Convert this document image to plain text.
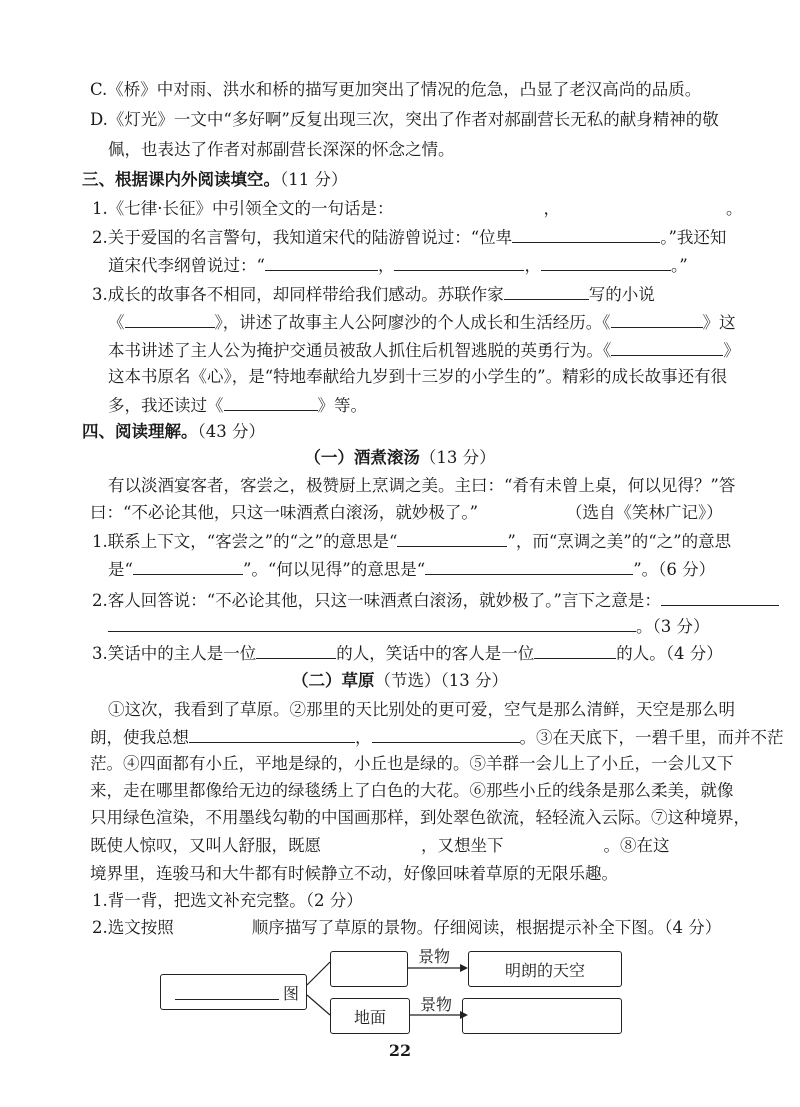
C.《桥》中对雨、洪水和桥的描写更加突出了情况的危急，凸显了老汉高尚的品质。
D.《灯光》一文中“多好啊”反复出现三次，突出了作者对郝副营长无私的献身精神的敬
佩，也表达了作者对郝副营长深深的怀念之情。
三、根据课内外阅读填空。（11 分）
1.《七律·长征》中引领全文的一句话是：	，	。
2.关于爱国的名言警句，我知道宋代的陆游曾说过：“位卑	。”我还知
道宋代李纲曾说过：“	，	，	。”
3.成长的故事各不相同，却同样带给我们感动。苏联作家	写的小说
《	》，讲述了故事主人公阿廖沙的个人成长和生活经历。《	》这
本书讲述了主人公为掩护交通员被敌人抓住后机智逃脱的英勇行为。《	》
这本书原名《心》，是“特地奉献给九岁到十三岁的小学生的”。精彩的成长故事还有很
多，我还读过《	》等。
四、阅读理解。（43 分）
（一）酒煮滚汤（13 分）
有以淡酒宴客者，客尝之，极赞厨上烹调之美。主曰：“肴有未曾上桌，何以见得？”答
曰：“不必论其他，只这一味酒煮白滚汤，就妙极了。”	（选自《笑林广记》）
1.联系上下文，“客尝之”的“之”的意思是“	”，而“烹调之美”的“之”的意思
是“	”。“何以见得”的意思是“	”。（6 分）
2.客人回答说：“不必论其他，只这一味酒煮白滚汤，就妙极了。”言下之意是：
。（3 分）
3.笑话中的主人是一位	的人，笑话中的客人是一位	的人。（4 分）
（二）草原（节选）（13 分）
①这次，我看到了草原。②那里的天比别处的更可爱，空气是那么清鲜，天空是那么明
朗，使我总想	，	。③在天底下，一碧千里，而并不茫
茫。④四面都有小丘，平地是绿的，小丘也是绿的。⑤羊群一会儿上了小丘，一会儿又下
来，走在哪里都像给无边的绿毯绣上了白色的大花。⑥那些小丘的线条是那么柔美，就像
只用绿色渲染，不用墨线勾勒的中国画那样，到处翠色欲流，轻轻流入云际。⑦这种境界，
既使人惊叹，又叫人舒服，既愿	，又想坐下	。⑧在这
境界里，连骏马和大牛都有时候静立不动，好像回味着草原的无限乐趣。
1.背一背，把选文补充完整。（2 分）
2.选文按照	顺序描写了草原的景物。仔细阅读，根据提示补全下图。（4 分）
图
景物
明朗的天空
地面
景物
22
